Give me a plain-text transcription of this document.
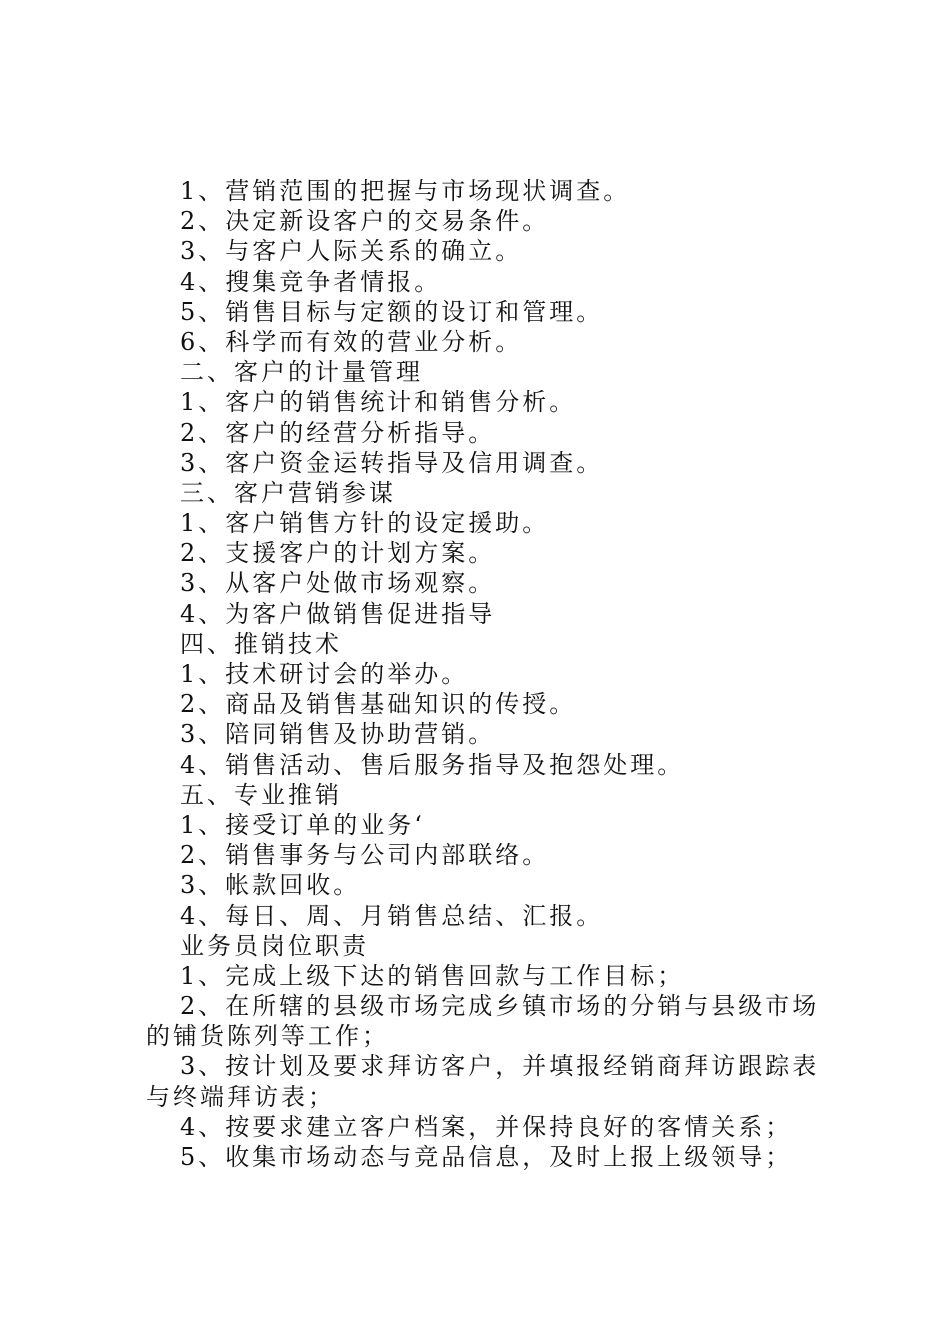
1、营销范围的把握与市场现状调查。
2、决定新设客户的交易条件。
3、与客户人际关系的确立。
4、搜集竞争者情报。
5、销售目标与定额的设订和管理。
6、科学而有效的营业分析。
二、客户的计量管理
1、客户的销售统计和销售分析。
2、客户的经营分析指导。
3、客户资金运转指导及信用调查。
三、客户营销参谋
1、客户销售方针的设定援助。
2、支援客户的计划方案。
3、从客户处做市场观察。
4、为客户做销售促进指导
四、推销技术
1、技术研讨会的举办。
2、商品及销售基础知识的传授。
3、陪同销售及协助营销。
4、销售活动、售后服务指导及抱怨处理。
五、专业推销
1、接受订单的业务‘
2、销售事务与公司内部联络。
3、帐款回收。
4、每日、周、月销售总结、汇报。
业务员岗位职责
1、完成上级下达的销售回款与工作目标；
2、在所辖的县级市场完成乡镇市场的分销与县级市场的铺货陈列等工作；
3、按计划及要求拜访客户，并填报经销商拜访跟踪表与终端拜访表；
4、按要求建立客户档案，并保持良好的客情关系；
5、收集市场动态与竞品信息，及时上报上级领导；
